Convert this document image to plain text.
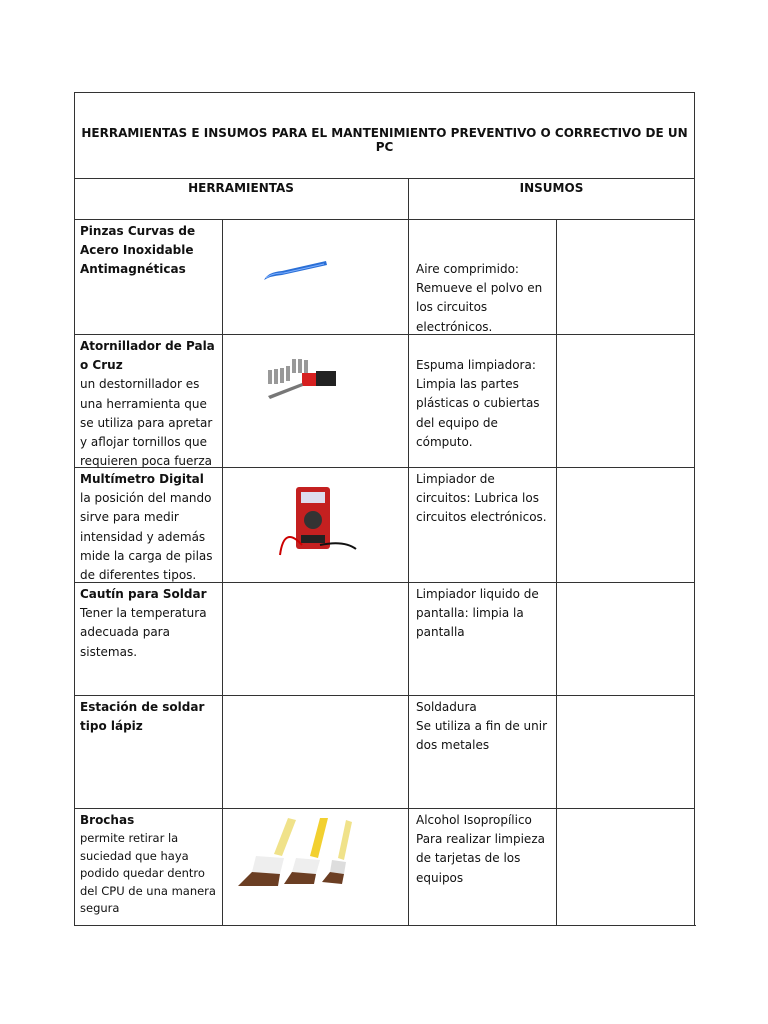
HERRAMIENTAS E INSUMOS PARA EL MANTENIMIENTO PREVENTIVO O CORRECTIVO DE UN PC
HERRAMIENTAS	INSUMOS
Pinzas Curvas de
Acero Inoxidable
Antimagnéticas	Aire comprimido:
Remueve el polvo en
los circuitos
electrónicos.
Atornillador de Pala
o Cruz
un destornillador es
una herramienta que
se utiliza para apretar
y aflojar tornillos que
requieren poca fuerza
Espuma limpiadora:
Limpia las partes
plásticas o cubiertas
del equipo de
cómputo.
Multímetro Digital
la posición del mando
sirve para medir
intensidad y además
mide la carga de pilas
de diferentes tipos.
Limpiador de
circuitos: Lubrica los
circuitos electrónicos.
Cautín para Soldar
Tener la temperatura
adecuada para
sistemas.
Limpiador liquido de
pantalla: limpia la
pantalla
Estación de soldar
tipo lápiz
Soldadura
Se utiliza a fin de unir
dos metales
Brochas
permite retirar la
suciedad que haya
podido quedar dentro
del CPU de una manera
segura
Alcohol Isopropílico
Para realizar limpieza
de tarjetas de los
equipos
